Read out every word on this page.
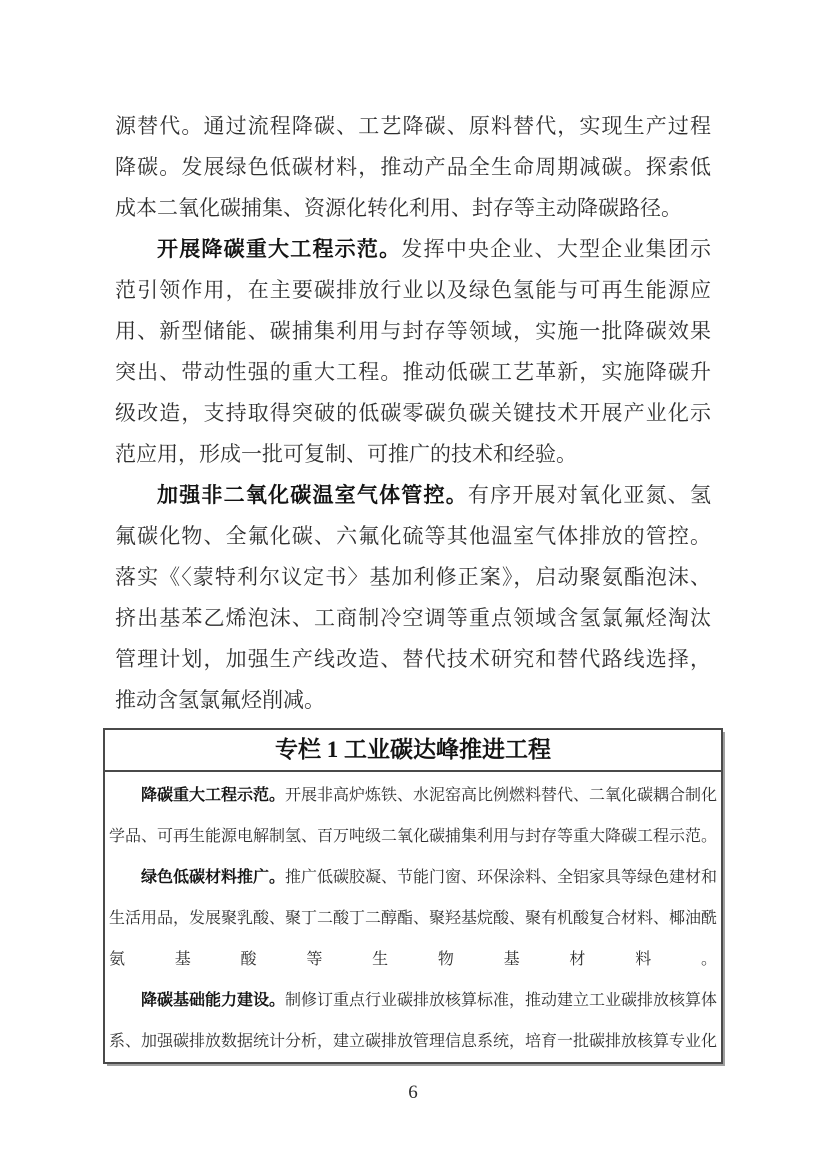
源替代。通过流程降碳、工艺降碳、原料替代，实现生产过程
降碳。发展绿色低碳材料，推动产品全生命周期减碳。探索低
成本二氧化碳捕集、资源化转化利用、封存等主动降碳路径。
开展降碳重大工程示范。发挥中央企业、大型企业集团示
范引领作用，在主要碳排放行业以及绿色氢能与可再生能源应
用、新型储能、碳捕集利用与封存等领域，实施一批降碳效果
突出、带动性强的重大工程。推动低碳工艺革新，实施降碳升
级改造，支持取得突破的低碳零碳负碳关键技术开展产业化示
范应用，形成一批可复制、可推广的技术和经验。
加强非二氧化碳温室气体管控。有序开展对氧化亚氮、氢
氟碳化物、全氟化碳、六氟化硫等其他温室气体排放的管控。
落实《〈蒙特利尔议定书〉基加利修正案》，启动聚氨酯泡沫、
挤出基苯乙烯泡沫、工商制冷空调等重点领域含氢氯氟烃淘汰
管理计划，加强生产线改造、替代技术研究和替代路线选择，
推动含氢氯氟烃削减。
专栏 1 工业碳达峰推进工程
降碳重大工程示范。开展非高炉炼铁、水泥窑高比例燃料替代、二氧化碳耦合制化
学品、可再生能源电解制氢、百万吨级二氧化碳捕集利用与封存等重大降碳工程示范。
绿色低碳材料推广。推广低碳胶凝、节能门窗、环保涂料、全铝家具等绿色建材和
生活用品，发展聚乳酸、聚丁二酸丁二醇酯、聚羟基烷酸、聚有机酸复合材料、椰油酰
氨基酸等生物基材料。
降碳基础能力建设。制修订重点行业碳排放核算标准，推动建立工业碳排放核算体
系、加强碳排放数据统计分析，建立碳排放管理信息系统，培育一批碳排放核算专业化
6
